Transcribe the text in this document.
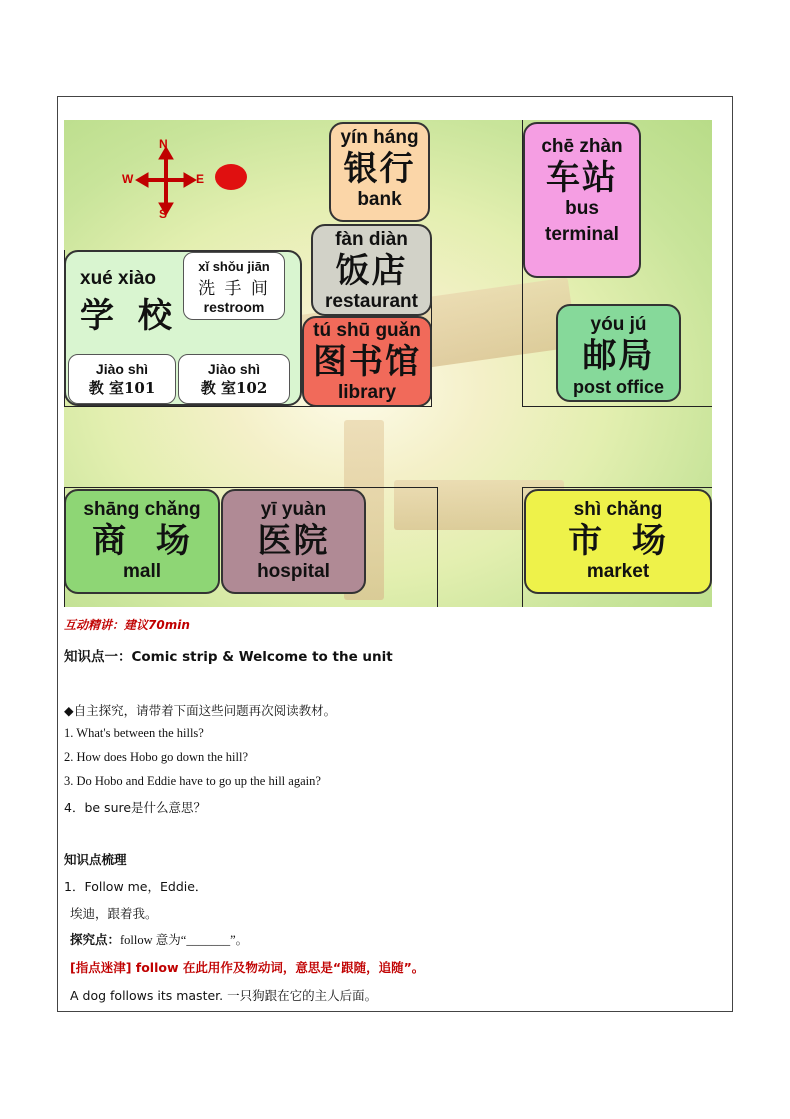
N
S
W	E
xué xiào
学 校
xǐ shǒu jiān
洗 手 间
restroom
Jiào shì
教 室101
Jiào shì
教 室102
yín háng
银行
bank
fàn diàn
饭店
restaurant
tú shū guǎn
图书馆
library
chē zhàn
车站
bus
terminal
yóu jú
邮局
post office
shāng chǎng
商  场
mall
yī yuàn
医院
hospital
shì chǎng
市  场
market
互动精讲：建议70min
知识点一：Comic strip & Welcome to the unit
◆自主探究，请带着下面这些问题再次阅读教材。
1. What's between the hills?
2. How does Hobo go down the hill?
3. Do Hobo and Eddie have to go up the hill again?
4．be sure是什么意思？
知识点梳理
1．Follow me，Eddie．
埃迪，跟着我。
探究点：follow 意为“_______”。
[指点迷津] follow 在此用作及物动词，意思是“跟随，追随”。
A dog follows its master. 一只狗跟在它的主人后面。
